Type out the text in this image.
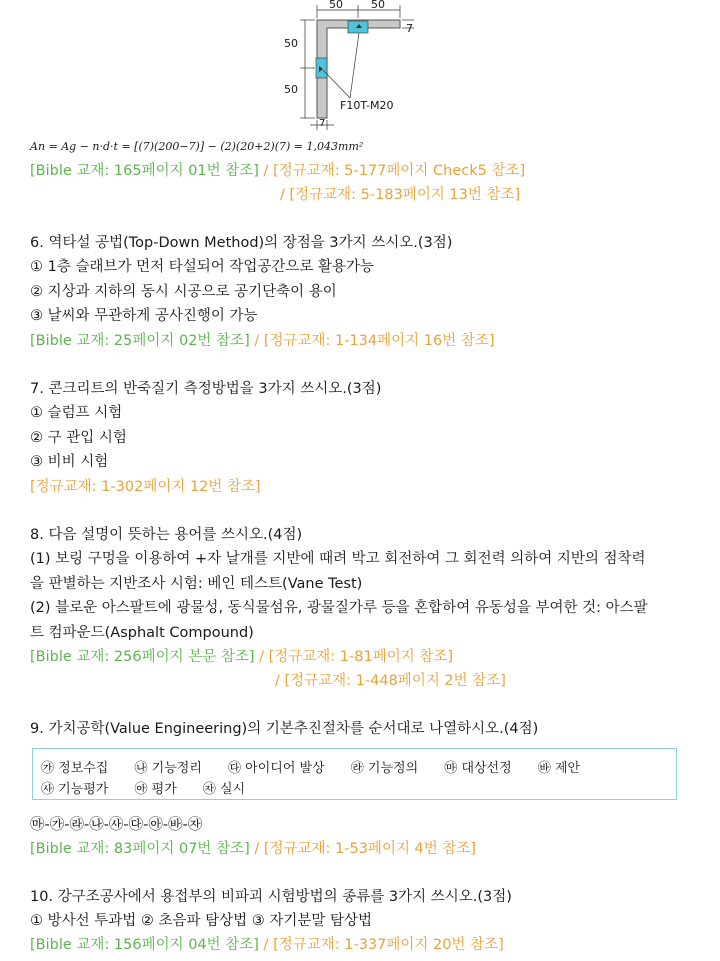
50	50
50
50
7
7
F10T-M20
An = Ag − n·d·t = [(7)(200−7)] − (2)(20+2)(7) = 1,043mm²
[Bible 교재: 165페이지 01번 참조] / [정규교재: 5-177페이지 Check5 참조]
/ [정규교재: 5-183페이지 13번 참조]
6. 역타설 공법(Top-Down Method)의 장점을 3가지 쓰시오.(3점)
① 1층 슬래브가 먼저 타설되어 작업공간으로 활용가능
② 지상과 지하의 동시 시공으로 공기단축이 용이
③ 날씨와 무관하게 공사진행이 가능
[Bible 교재: 25페이지 02번 참조] / [정규교재: 1-134페이지 16번 참조]
7. 콘크리트의 반죽질기 측정방법을 3가지 쓰시오.(3점)
① 슬럼프 시험
② 구 관입 시험
③ 비비 시험
[정규교재: 1-302페이지 12번 참조]
8. 다음 설명이 뜻하는 용어를 쓰시오.(4점)
(1) 보링 구멍을 이용하여 +자 날개를 지반에 때려 박고 회전하여 그 회전력 의하여 지반의 점착력
을 판별하는 지반조사 시험: 베인 테스트(Vane Test)
(2) 블로운 아스팔트에 광물성, 동식물섬유, 광물질가루 등을 혼합하여 유동성을 부여한 것: 아스팔
트 컴파운드(Asphalt Compound)
[Bible 교재: 256페이지 본문 참조] / [정규교재: 1-81페이지 참조]
/ [정규교재: 1-448페이지 2번 참조]
9. 가치공학(Value Engineering)의 기본추진절차를 순서대로 나열하시오.(4점)
㉮ 정보수집 ㉯ 기능정리 ㉰ 아이디어 발상 ㉱ 기능정의 ㉲ 대상선정 ㉳ 제안
㉴ 기능평가 ㉵ 평가 ㉶ 실시
㉲-㉮-㉱-㉯-㉴-㉰-㉵-㉳-㉶
[Bible 교재: 83페이지 07번 참조] / [정규교재: 1-53페이지 4번 참조]
10. 강구조공사에서 용접부의 비파괴 시험방법의 종류를 3가지 쓰시오.(3점)
① 방사선 투과법 ② 초음파 탐상법 ③ 자기분말 탐상법
[Bible 교재: 156페이지 04번 참조] / [정규교재: 1-337페이지 20번 참조]
